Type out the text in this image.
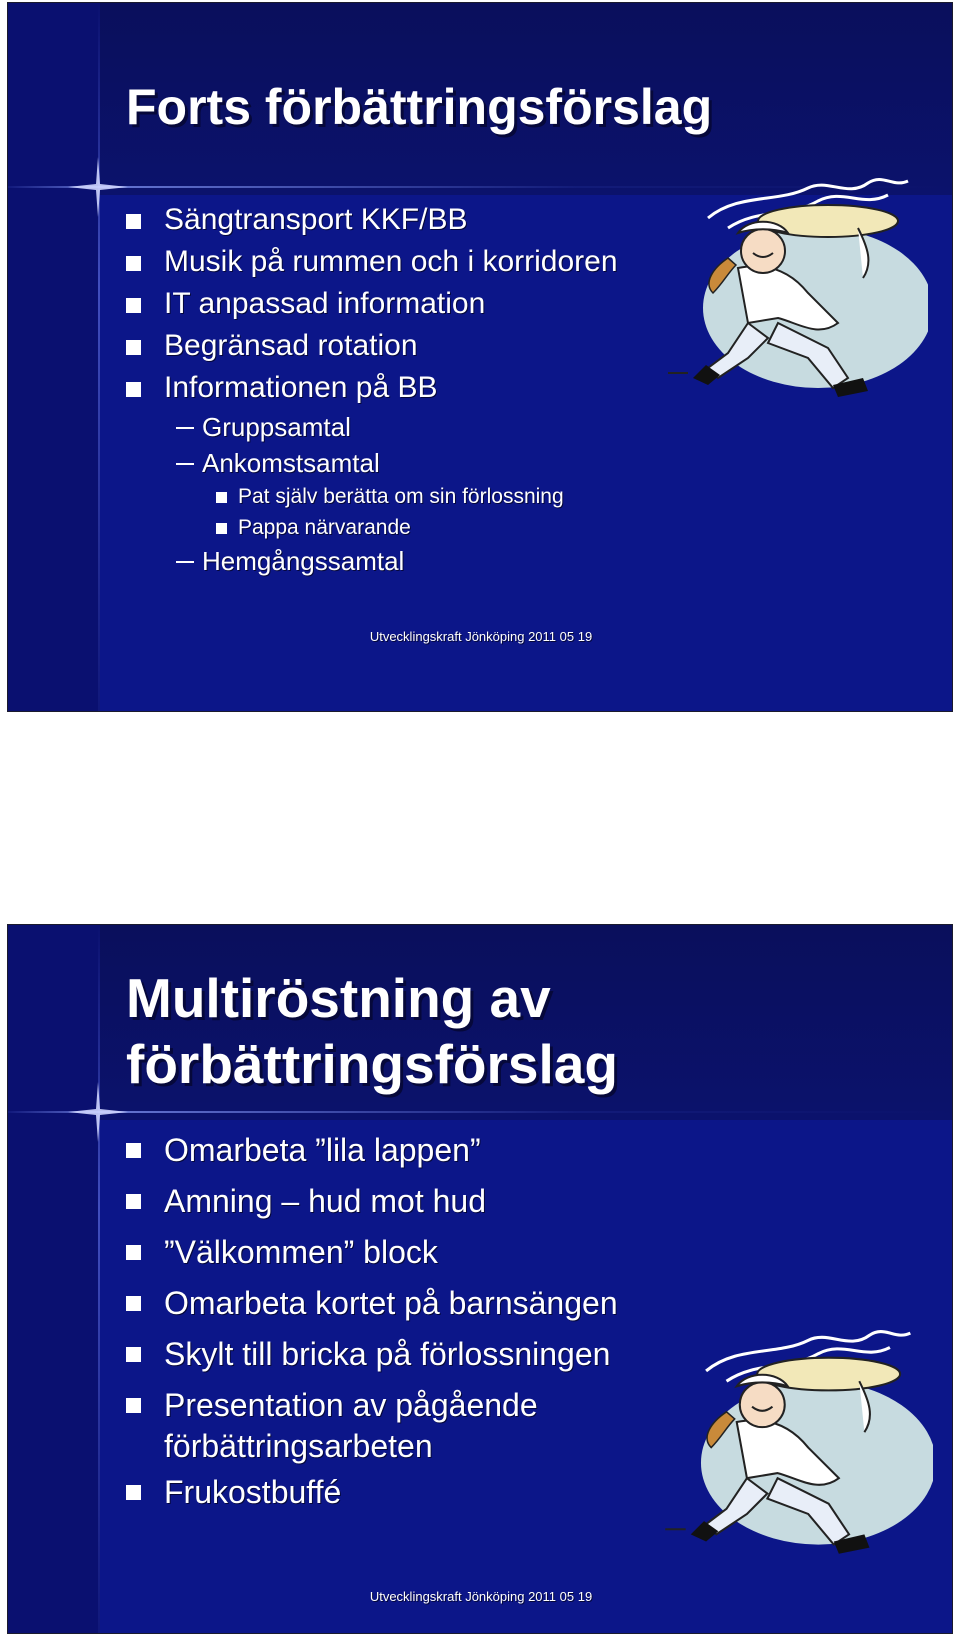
Forts förbättringsförslag
Sängtransport KKF/BB
Musik på rummen och i korridoren
IT anpassad information
Begränsad rotation
Informationen på BB
Gruppsamtal
Ankomstsamtal
Pat själv berätta om sin förlossning
Pappa närvarande
Hemgångssamtal
Utvecklingskraft Jönköping 2011 05 19
Multiröstning av
förbättringsförslag
Omarbeta ”lila lappen”
Amning – hud mot hud
”Välkommen” block
Omarbeta kortet på barnsängen
Skylt till bricka på förlossningen
Presentation av pågående
förbättringsarbeten
Frukostbuffé
Utvecklingskraft Jönköping 2011 05 19
